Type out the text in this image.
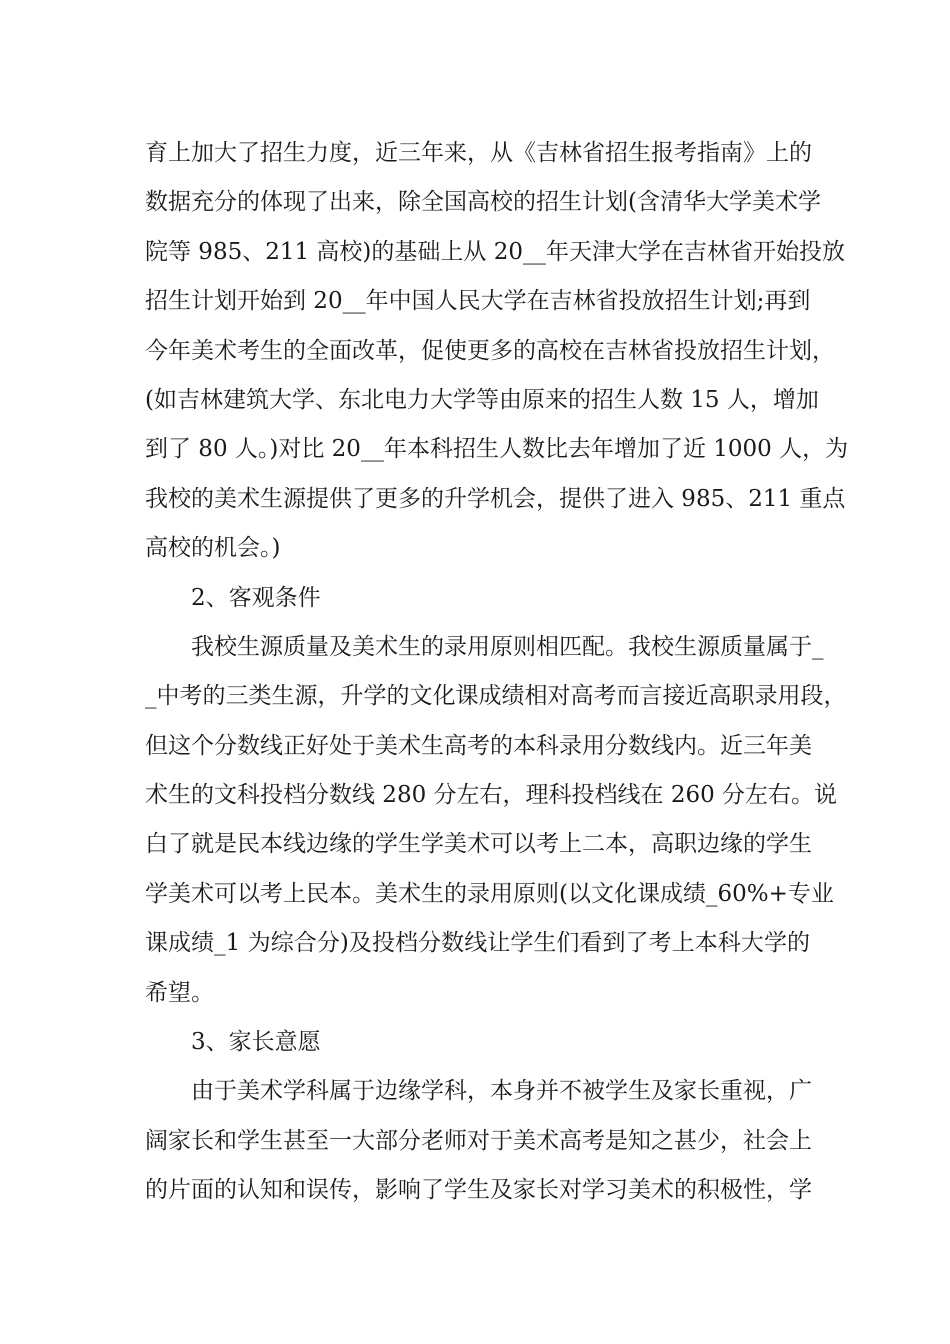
育上加大了招生力度，近三年来，从《吉林省招生报考指南》上的
数据充分的体现了出来，除全国高校的招生计划(含清华大学美术学
院等 985、211 高校)的基础上从 20__年天津大学在吉林省开始投放
招生计划开始到 20__年中国人民大学在吉林省投放招生计划;再到
今年美术考生的全面改革，促使更多的高校在吉林省投放招生计划，
(如吉林建筑大学、东北电力大学等由原来的招生人数 15 人，增加
到了 80 人。)对比 20__年本科招生人数比去年增加了近 1000 人，为
我校的美术生源提供了更多的升学机会，提供了进入 985、211 重点
高校的机会。)
2、客观条件
我校生源质量及美术生的录用原则相匹配。我校生源质量属于_
_中考的三类生源，升学的文化课成绩相对高考而言接近高职录用段，
但这个分数线正好处于美术生高考的本科录用分数线内。近三年美
术生的文科投档分数线 280 分左右，理科投档线在 260 分左右。说
白了就是民本线边缘的学生学美术可以考上二本，高职边缘的学生
学美术可以考上民本。美术生的录用原则(以文化课成绩_60%+专业
课成绩_1 为综合分)及投档分数线让学生们看到了考上本科大学的
希望。
3、家长意愿
由于美术学科属于边缘学科，本身并不被学生及家长重视，广
阔家长和学生甚至一大部分老师对于美术高考是知之甚少，社会上
的片面的认知和误传，影响了学生及家长对学习美术的积极性，学
